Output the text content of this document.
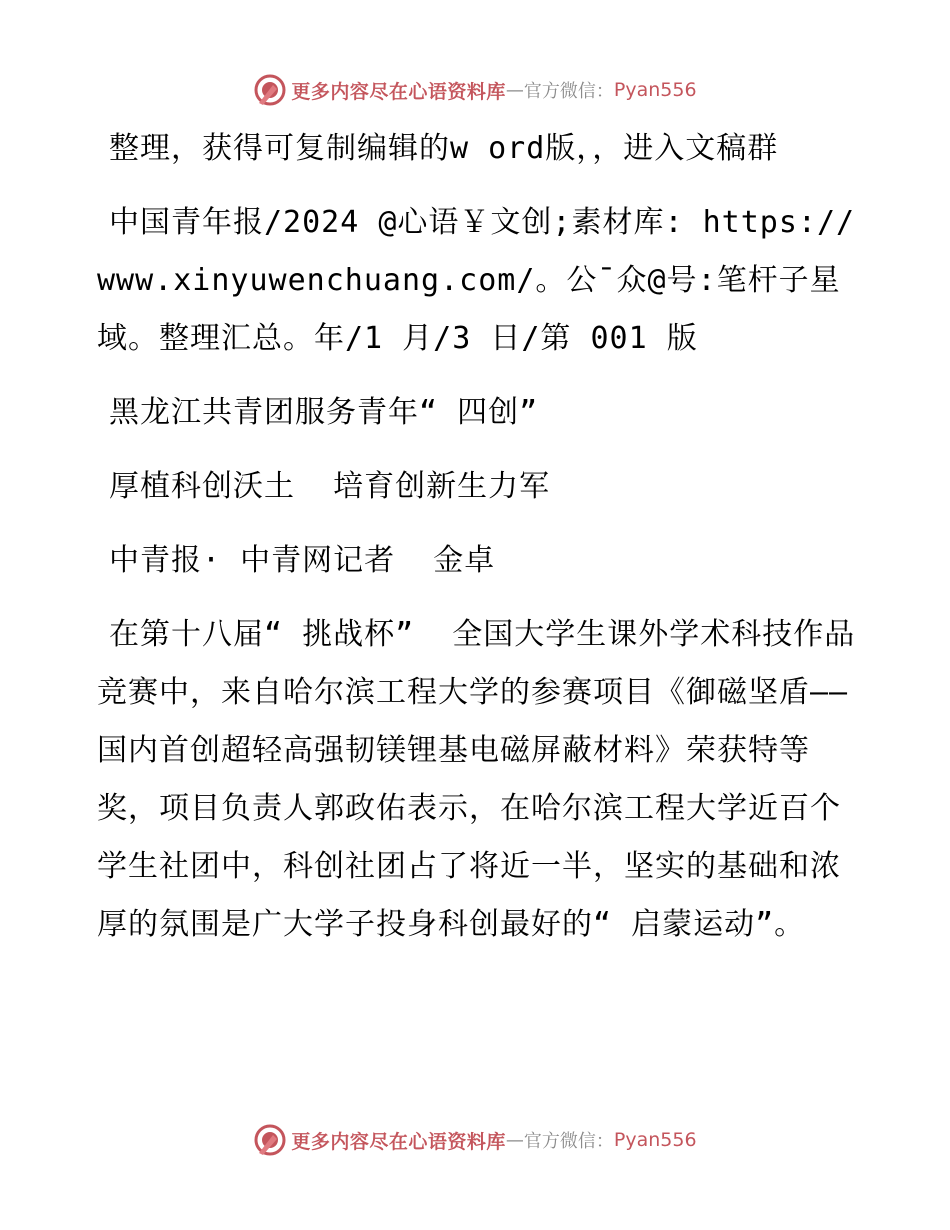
更多内容尽在心语资料库 — 官方微信： Pyan556

整理，获得可复制编辑的w ord版，，进入文稿群

中国青年报/2024 @心语￥文创;素材库: https://www.xinyuwenchuang.com/。公¯众@号:笔杆子星域。整理汇总。年/1 月/3 日/第 001 版

黑龙江共青团服务青年“ 四创”

厚植科创沃土  培育创新生力军

中青报· 中青网记者  金卓

在第十八届“ 挑战杯”  全国大学生课外学术科技作品竞赛中，来自哈尔滨工程大学的参赛项目《御磁坚盾——国内首创超轻高强韧镁锂基电磁屏蔽材料》荣获特等奖，项目负责人郭政佑表示，在哈尔滨工程大学近百个学生社团中，科创社团占了将近一半，坚实的基础和浓厚的氛围是广大学子投身科创最好的“ 启蒙运动”。

更多内容尽在心语资料库 — 官方微信： Pyan556
